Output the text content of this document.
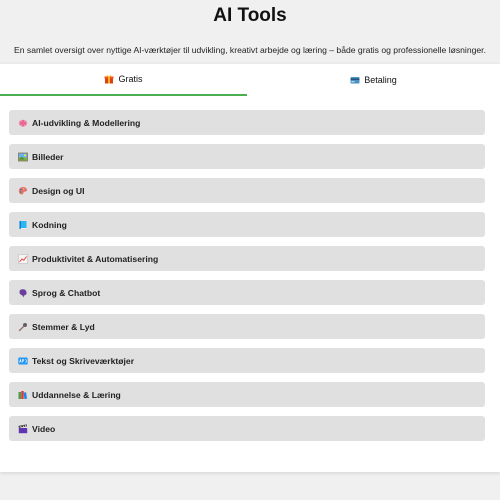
AI Tools
En samlet oversigt over nyttige AI-værktøjer til udvikling, kreativt arbejde og læring – både gratis og professionelle løsninger.
Gratis	Betaling
AI-udvikling & Modellering
Billeder
Design og UI
Kodning
Produktivitet & Automatisering
Sprog & Chatbot
Stemmer & Lyd
Tekst og Skriveværktøjer
Uddannelse & Læring
Video
